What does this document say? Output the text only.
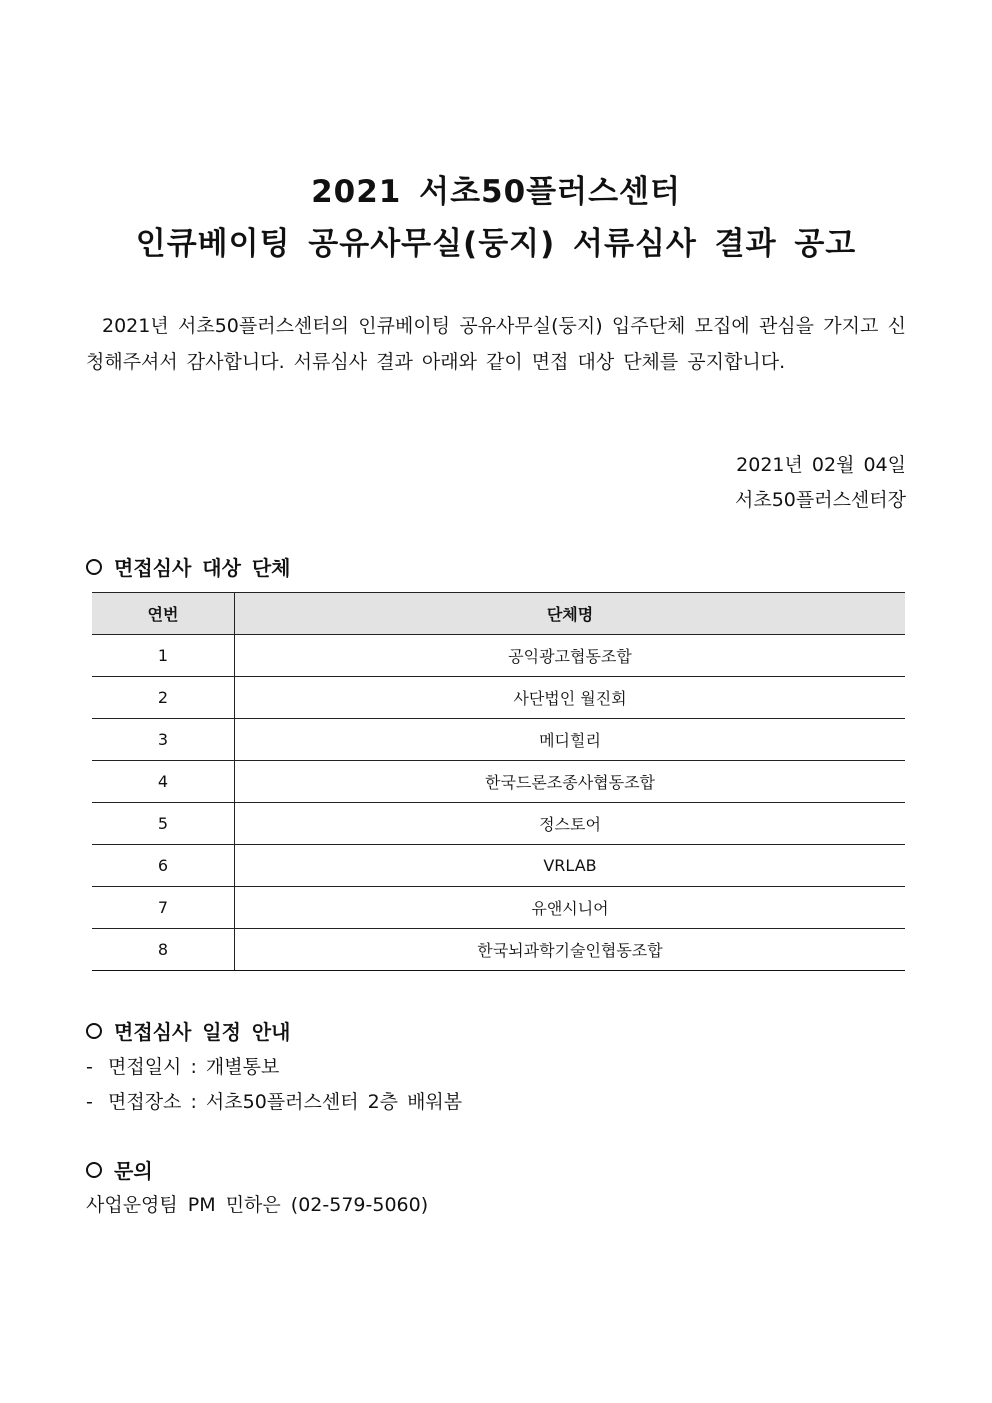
2021 서초50플러스센터
인큐베이팅 공유사무실(둥지) 서류심사 결과 공고

2021년 서초50플러스센터의 인큐베이팅 공유사무실(둥지) 입주단체 모집에 관심을 가지고 신청해주셔서 감사합니다. 서류심사 결과 아래와 같이 면접 대상 단체를 공지합니다.

2021년 02월 04일
서초50플러스센터장
면접심사 대상 단체
연번	단체명
1	공익광고협동조합
2	사단법인 월진회
3	메디힐리
4	한국드론조종사협동조합
5	정스토어
6	VRLAB
7	유앤시니어
8	한국뇌과학기술인협동조합
면접심사 일정 안내
- 면접일시 : 개별통보
- 면접장소 : 서초50플러스센터 2층 배워봄
문의
사업운영팀 PM 민하은 (02-579-5060)
